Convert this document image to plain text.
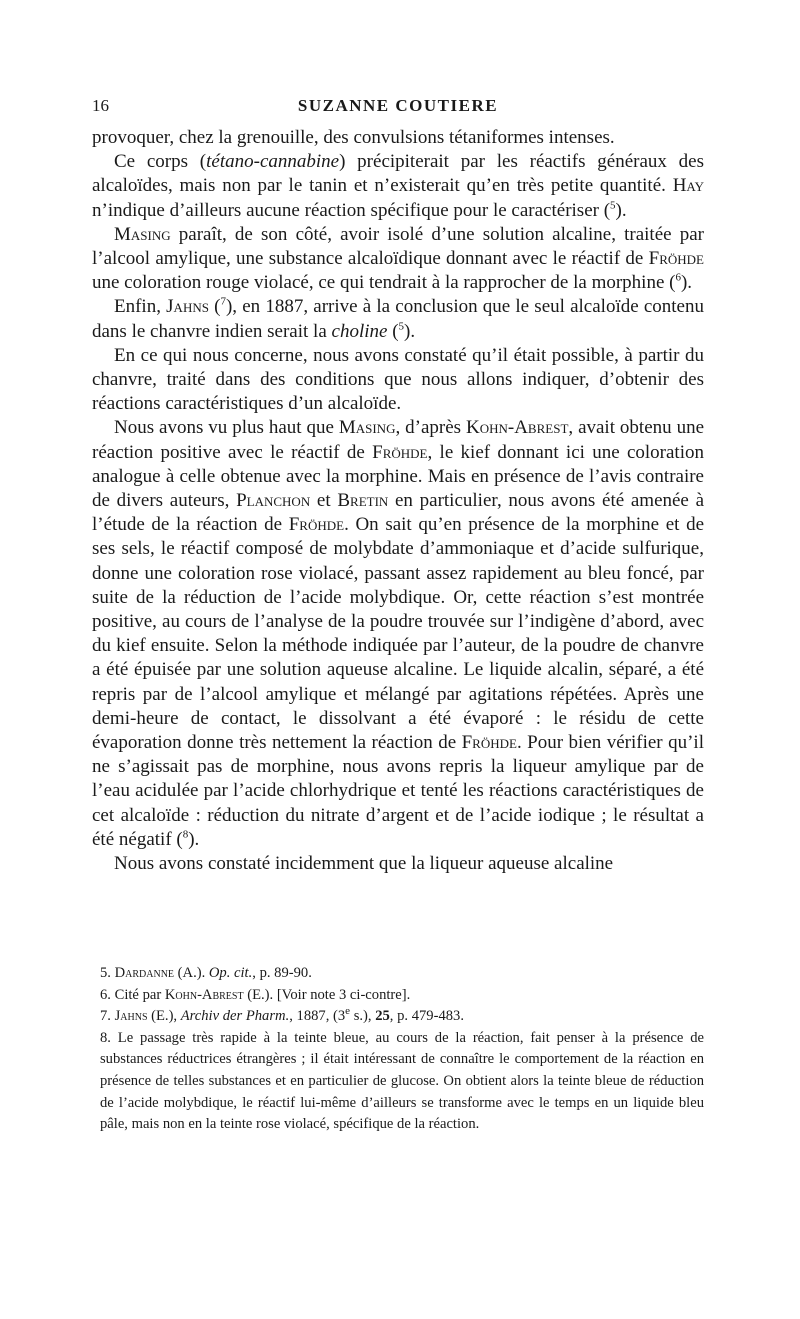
16	SUZANNE COUTIERE

provoquer, chez la grenouille, des convulsions tétaniformes intenses.

Ce corps (tétano-cannabine) précipiterait par les réactifs généraux des alcaloïdes, mais non par le tanin et n’existerait qu’en très petite quantité. Hay n’indique d’ailleurs aucune réaction spécifique pour le caractériser ($^5$).

Masing paraît, de son côté, avoir isolé d’une solution alcaline, traitée par l’alcool amylique, une substance alcaloïdique donnant avec le réactif de Fröhde une coloration rouge violacé, ce qui tendrait à la rapprocher de la morphine ($^6$).

Enfin, Jahns ($^7$), en 1887, arrive à la conclusion que le seul alcaloïde contenu dans le chanvre indien serait la choline ($^5$).

En ce qui nous concerne, nous avons constaté qu’il était possible, à partir du chanvre, traité dans des conditions que nous allons indiquer, d’obtenir des réactions caractéristiques d’un alcaloïde.

Nous avons vu plus haut que Masing, d’après Kohn-Abrest, avait obtenu une réaction positive avec le réactif de Fröhde, le kief donnant ici une coloration analogue à celle obtenue avec la morphine. Mais en présence de l’avis contraire de divers auteurs, Planchon et Bretin en particulier, nous avons été amenée à l’étude de la réaction de Fröhde. On sait qu’en présence de la morphine et de ses sels, le réactif composé de molybdate d’ammoniaque et d’acide sulfurique, donne une coloration rose violacé, passant assez rapidement au bleu foncé, par suite de la réduction de l’acide molybdique. Or, cette réaction s’est montrée positive, au cours de l’analyse de la poudre trouvée sur l’indigène d’abord, avec du kief ensuite. Selon la méthode indiquée par l’auteur, de la poudre de chanvre a été épuisée par une solution aqueuse alcaline. Le liquide alcalin, séparé, a été repris par de l’alcool amylique et mélangé par agitations répétées. Après une demi-heure de contact, le dissolvant a été évaporé : le résidu de cette évaporation donne très nettement la réaction de Fröhde. Pour bien vérifier qu’il ne s’agissait pas de morphine, nous avons repris la liqueur amylique par de l’eau acidulée par l’acide chlorhydrique et tenté les réactions caractéristiques de cet alcaloïde : réduction du nitrate d’argent et de l’acide iodique ; le résultat a été négatif ($^8$).

Nous avons constaté incidemment que la liqueur aqueuse alcaline

5. Dardanne (A.). Op. cit., p. 89-90.

6. Cité par Kohn-Abrest (E.). [Voir note 3 ci-contre].

7. Jahns (E.), Archiv der Pharm., 1887, (3e s.), 25, p. 479-483.

8. Le passage très rapide à la teinte bleue, au cours de la réaction, fait penser à la présence de substances réductrices étrangères ; il était intéressant de connaître le comportement de la réaction en présence de telles substances et en particulier de glucose. On obtient alors la teinte bleue de réduction de l’acide molybdique, le réactif lui-même d’ailleurs se transforme avec le temps en un liquide bleu pâle, mais non en la teinte rose violacé, spécifique de la réaction.
